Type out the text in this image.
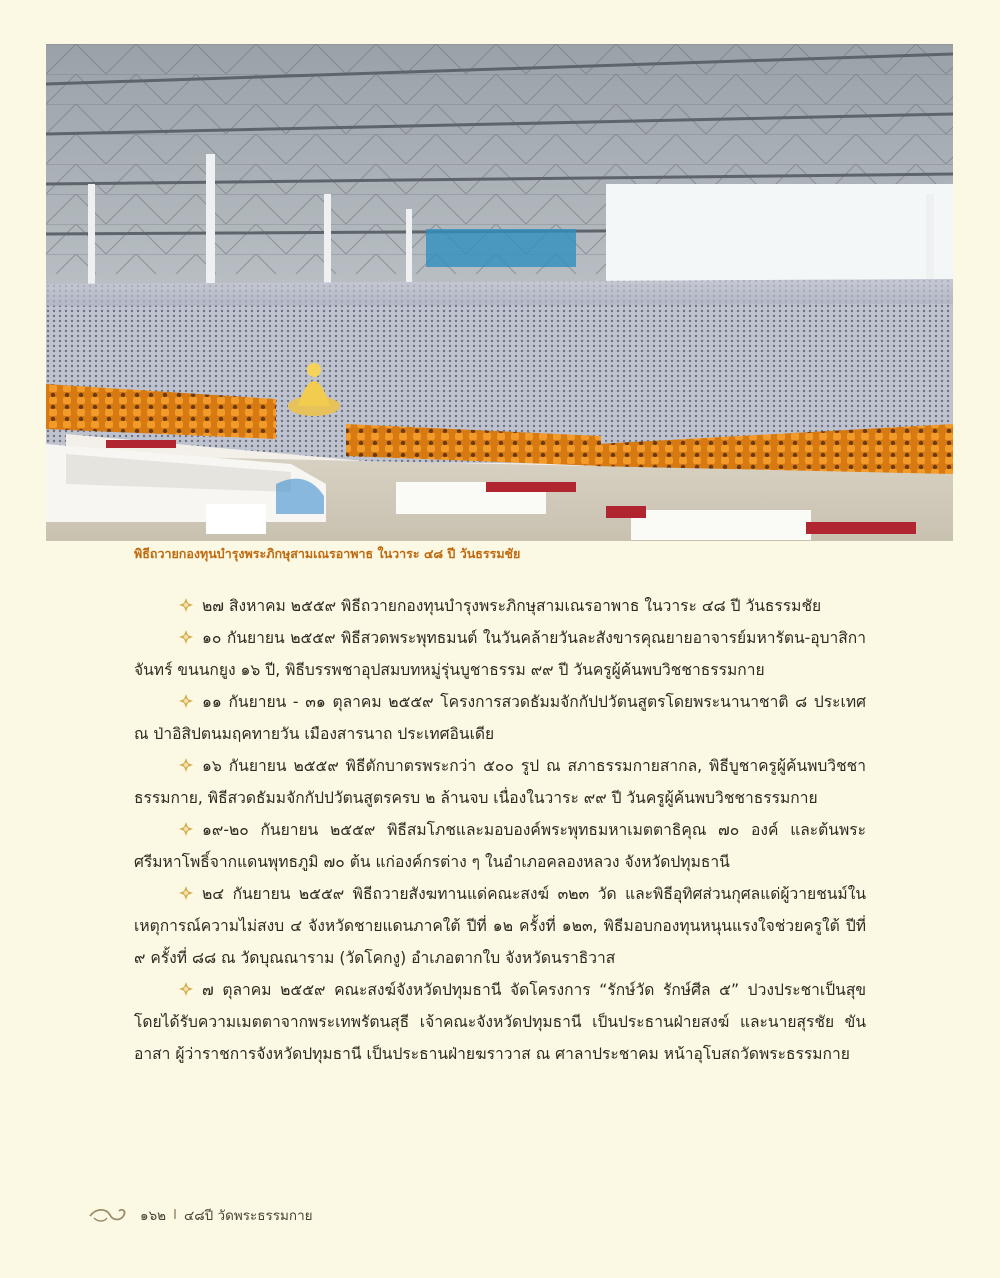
พิธีถวายกองทุนบำรุงพระภิกษุสามเณรอาพาธ ในวาระ ๔๘ ปี วันธรรมชัย

๒๗ สิงหาคม ๒๕๕๙ พิธีถวายกองทุนบำรุงพระภิกษุสามเณรอาพาธ ในวาระ ๔๘ ปี วันธรรมชัย

๑๐ กันยายน ๒๕๕๙ พิธีสวดพระพุทธมนต์ ในวันคล้ายวันละสังขารคุณยายอาจารย์มหารัตน-อุบาสิกาจันทร์ ขนนกยูง ๑๖ ปี, พิธีบรรพชาอุปสมบทหมู่รุ่นบูชาธรรม ๙๙ ปี วันครูผู้ค้นพบวิชชาธรรมกาย

๑๑ กันยายน - ๓๑ ตุลาคม ๒๕๕๙ โครงการสวดธัมมจักกัปปวัตนสูตรโดยพระนานาชาติ ๘ ประเทศ ณ ป่าอิสิปตนมฤคทายวัน เมืองสารนาถ ประเทศอินเดีย

๑๖ กันยายน ๒๕๕๙ พิธีตักบาตรพระกว่า ๕๐๐ รูป ณ สภาธรรมกายสากล, พิธีบูชาครูผู้ค้นพบวิชชาธรรมกาย, พิธีสวดธัมมจักกัปปวัตนสูตรครบ ๒ ล้านจบ เนื่องในวาระ ๙๙ ปี วันครูผู้ค้นพบวิชชาธรรมกาย

๑๙-๒๐ กันยายน ๒๕๕๙ พิธีสมโภชและมอบองค์พระพุทธมหาเมตตาธิคุณ ๗๐ องค์ และต้นพระศรีมหาโพธิ์จากแดนพุทธภูมิ ๗๐ ต้น แก่องค์กรต่าง ๆ ในอำเภอคลองหลวง จังหวัดปทุมธานี

๒๔ กันยายน ๒๕๕๙ พิธีถวายสังฆทานแด่คณะสงฆ์ ๓๒๓ วัด และพิธีอุทิศส่วนกุศลแด่ผู้วายชนม์ในเหตุการณ์ความไม่สงบ ๔ จังหวัดชายแดนภาคใต้ ปีที่ ๑๒ ครั้งที่ ๑๒๓, พิธีมอบกองทุนหนุนแรงใจช่วยครูใต้ ปีที่ ๙ ครั้งที่ ๘๘ ณ วัดบุณณาราม (วัดโคกงู) อำเภอตากใบ จังหวัดนราธิวาส

๗ ตุลาคม ๒๕๕๙ คณะสงฆ์จังหวัดปทุมธานี จัดโครงการ “รักษ์วัด รักษ์ศีล ๕” ปวงประชาเป็นสุข โดยได้รับความเมตตาจากพระเทพรัตนสุธี เจ้าคณะจังหวัดปทุมธานี เป็นประธานฝ่ายสงฆ์ และนายสุรชัย ขันอาสา ผู้ว่าราชการจังหวัดปทุมธานี เป็นประธานฝ่ายฆราวาส ณ ศาลาประชาคม หน้าอุโบสถวัดพระธรรมกาย

๑๖๒ I ๔๘ปี วัดพระธรรมกาย
